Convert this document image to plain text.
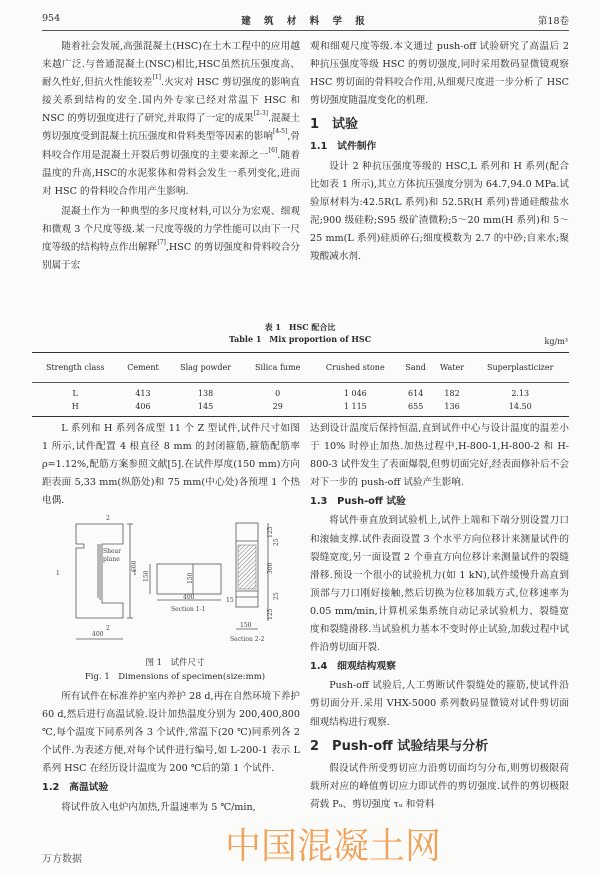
954	建 筑 材 料 学 报	第18卷

随着社会发展,高强混凝土(HSC)在土木工程中的应用越来越广泛.与普通混凝土(NSC)相比,HSC虽然抗压强度高、耐久性好,但抗火性能较差[1].火灾对 HSC 剪切强度的影响直接关系到结构的安全.国内外专家已经对常温下 HSC 和 NSC 的剪切强度进行了研究,并取得了一定的成果[2-3].混凝土剪切强度受到混凝土抗压强度和骨料类型等因素的影响[4-5],骨料咬合作用是混凝土开裂后剪切强度的主要来源之一[6].随着温度的升高,HSC的水泥浆体和骨料会发生一系列变化,进而对 HSC 的骨料咬合作用产生影响.

混凝土作为一种典型的多尺度材料,可以分为宏观、细观和微观 3 个尺度等级.某一尺度等级的力学性能可以由下一尺度等级的结构特点作出解释[7],HSC 的剪切强度和骨料咬合分别属于宏

观和细观尺度等级.本文通过 push-off 试验研究了高温后 2 种抗压强度等级 HSC 的剪切强度,同时采用数码显微镜观察 HSC 剪切面的骨料咬合作用,从细观尺度进一步分析了 HSC 剪切强度随温度变化的机理.

1　试验
1.1　试件制作

设计 2 种抗压强度等级的 HSC,L 系列和 H 系列(配合比如表 1 所示),其立方体抗压强度分别为 64.7,94.0 MPa.试验原材料为:42.5R(L 系列)和 52.5R(H 系列)普通硅酸盐水泥;900 级硅粉;S95 级矿渣微粉;5～20 mm(H 系列)和 5～25 mm(L 系列)硅质碎石;细度模数为 2.7 的中砂;自来水;聚羧酸减水剂.

表 1　HSC 配合比
Table 1　Mix proportion of HSC	kg/m³
Strength class	Cement	Slag powder	Silica fume	Crushed stone	Sand	Water	Superplasticizer
L	413	138	0	1 046	614	182	2.13
H	406	145	29	1 115	655	136	14.50

L 系列和 H 系列各成型 11 个 Z 型试件,试件尺寸如图 1 所示,试件配置 4 根直径 8 mm 的封闭箍筋,箍筋配筋率 ρ=1.12%,配筋方案参照文献[5].在试件厚度(150 mm)方向距表面 5,33 mm(纵筋处)和 75 mm(中心处)各预埋 1 个热电偶.

Shear
plane
600
400
150	150
400
125
25
300
25
125
15
150
1	1
2
2
Section 1-1
Section 2-2
图 1　试件尺寸
Fig. 1　Dimensions of specimen(size:mm)

所有试件在标准养护室内养护 28 d,再在自然环境下养护 60 d,然后进行高温试验.设计加热温度分别为 200,400,800 ℃,每个温度下同系列各 3 个试件,常温下(20 ℃)同系列各 2 个试件.为表述方便,对每个试件进行编号,如 L-200-1 表示 L 系列 HSC 在经历设计温度为 200 ℃后的第 1 个试件.

1.2　高温试验

将试件放入电炉内加热,升温速率为 5 ℃/min,

达到设计温度后保持恒温,直到试件中心与设计温度的温差小于 10% 时停止加热.加热过程中,H-800-1,H-800-2 和 H-800-3 试件发生了表面爆裂,但剪切面完好,经表面修补后不会对下一步的 push-off 试验产生影响.

1.3　Push-off 试验

将试件垂直放到试验机上,试件上端和下端分别设置刀口和滚轴支撑.试件表面设置 3 个水平方向位移计来测量试件的裂缝宽度,另一面设置 2 个垂直方向位移计来测量试件的裂缝滑移.预设一个很小的试验机力(如 1 kN),试件缓慢升高直到顶部与刀口刚好接触,然后切换为位移加载方式,位移速率为 0.05 mm/min,计算机采集系统自动记录试验机力、裂缝宽度和裂缝滑移.当试验机力基本不变时停止试验,加载过程中试件沿剪切面开裂.

1.4　细观结构观察

Push-off 试验后,人工剪断试件裂缝处的箍筋,使试件沿剪切面分开.采用 VHX-5000 系列数码显微镜对试件剪切面细观结构进行观察.

2　Push-off 试验结果与分析

假设试件所受剪切应力沿剪切面均匀分布,则剪切极限荷载所对应的峰值剪切应力即试件的剪切强度.试件的剪切极限荷载 Pᵤ、剪切强度 τᵤ 和骨料

中国混凝土网
万方数据
